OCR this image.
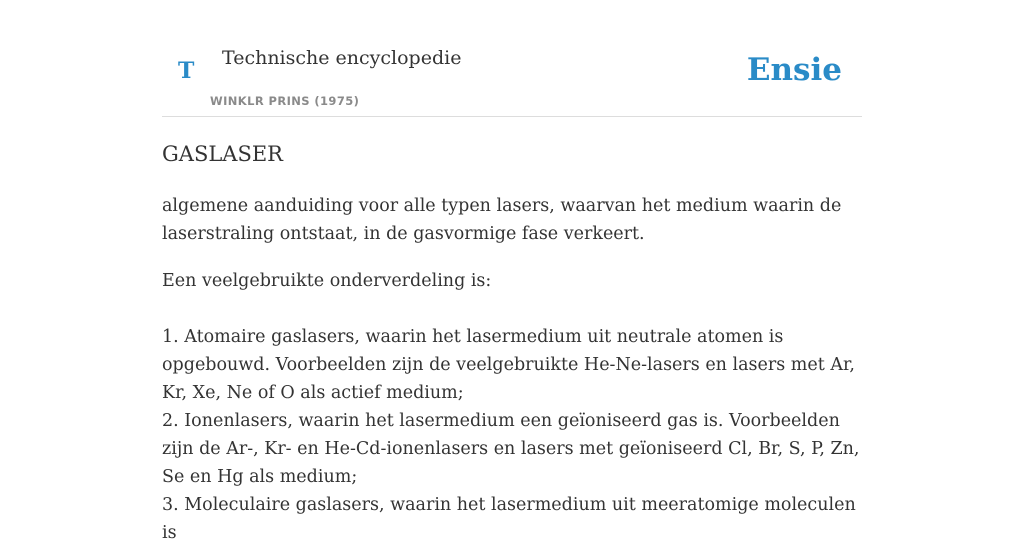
T Technische encyclopedie
WINKLR PRINS (1975)
Ensie
GASLASER

algemene aanduiding voor alle typen lasers, waarvan het medium waarin de laserstraling ontstaat, in de gasvormige fase verkeert.

Een veelgebruikte onderverdeling is:

1. Atomaire gaslasers, waarin het lasermedium uit neutrale atomen is opgebouwd. Voorbeelden zijn de veelgebruikte He-Ne-lasers en lasers met Ar, Kr, Xe, Ne of O als actief medium;

2. Ionenlasers, waarin het lasermedium een geïoniseerd gas is. Voorbeelden zijn de Ar-, Kr- en He-Cd-ionenlasers en lasers met geïoniseerd Cl, Br, S, P, Zn, Se en Hg als medium;

3. Moleculaire gaslasers, waarin het lasermedium uit meeratomige moleculen is
